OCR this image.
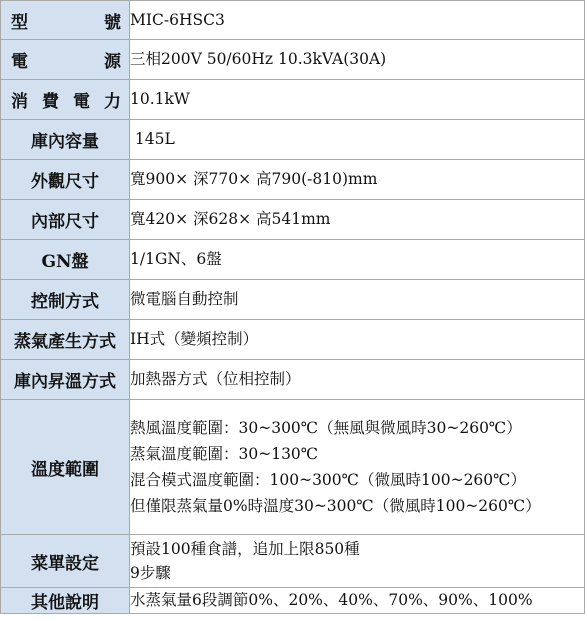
型　　號	MIC-6HSC3
電　　源	三相200V 50/60Hz 10.3kVA(30A)
消 費 電 力	10.1kW
庫內容量	145L
外觀尺寸	寬900× 深770× 高790(-810)mm
內部尺寸	寬420× 深628× 高541mm
GN盤	1/1GN、6盤
控制方式	微電腦自動控制
蒸氣產生方式	IH式（變頻控制）
庫內昇溫方式	加熱器方式（位相控制）
溫度範圍	熱風溫度範圍：30~300℃（無風與微風時30~260℃）
蒸氣溫度範圍：30~130℃
混合模式溫度範圍：100~300℃（微風時100~260℃）
但僅限蒸氣量0%時溫度30~300℃（微風時100~260℃）

菜單設定	預設100種食譜，追加上限850種
9步驟

其他說明	水蒸氣量6段調節0%、20%、40%、70%、90%、100%
